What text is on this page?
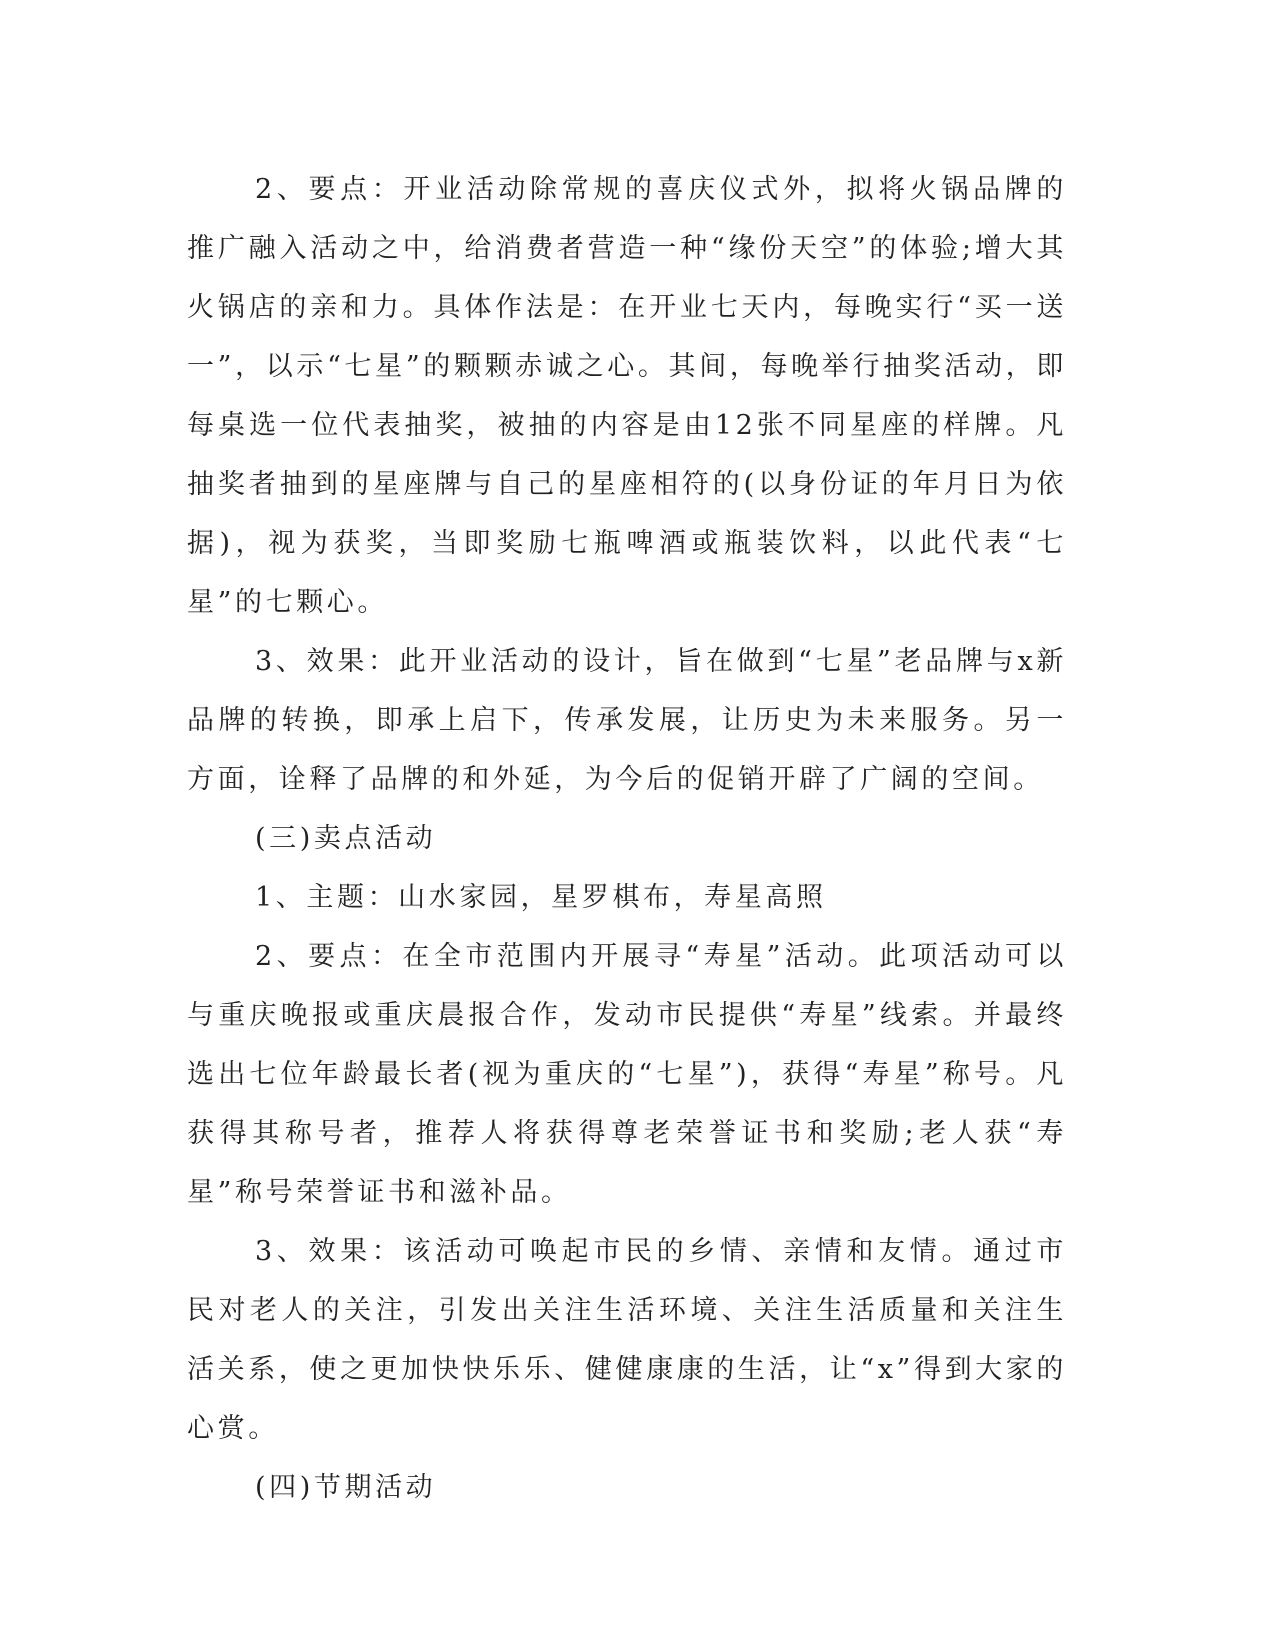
2、要点：开业活动除常规的喜庆仪式外，拟将火锅品牌的推广融入活动之中，给消费者营造一种“缘份天空”的体验;增大其火锅店的亲和力。具体作法是：在开业七天内，每晚实行“买一送一”，以示“七星”的颗颗赤诚之心。其间，每晚举行抽奖活动，即每桌选一位代表抽奖，被抽的内容是由12张不同星座的样牌。凡抽奖者抽到的星座牌与自己的星座相符的(以身份证的年月日为依据)，视为获奖，当即奖励七瓶啤酒或瓶装饮料，以此代表“七星”的七颗心。

3、效果：此开业活动的设计，旨在做到“七星”老品牌与x新品牌的转换，即承上启下，传承发展，让历史为未来服务。另一方面，诠释了品牌的和外延，为今后的促销开辟了广阔的空间。

(三)卖点活动

1、主题：山水家园，星罗棋布，寿星高照

2、要点：在全市范围内开展寻“寿星”活动。此项活动可以与重庆晚报或重庆晨报合作，发动市民提供“寿星”线索。并最终选出七位年龄最长者(视为重庆的“七星”)，获得“寿星”称号。凡获得其称号者，推荐人将获得尊老荣誉证书和奖励;老人获“寿星”称号荣誉证书和滋补品。

3、效果：该活动可唤起市民的乡情、亲情和友情。通过市民对老人的关注，引发出关注生活环境、关注生活质量和关注生活关系，使之更加快快乐乐、健健康康的生活，让“x”得到大家的心赏。

(四)节期活动
